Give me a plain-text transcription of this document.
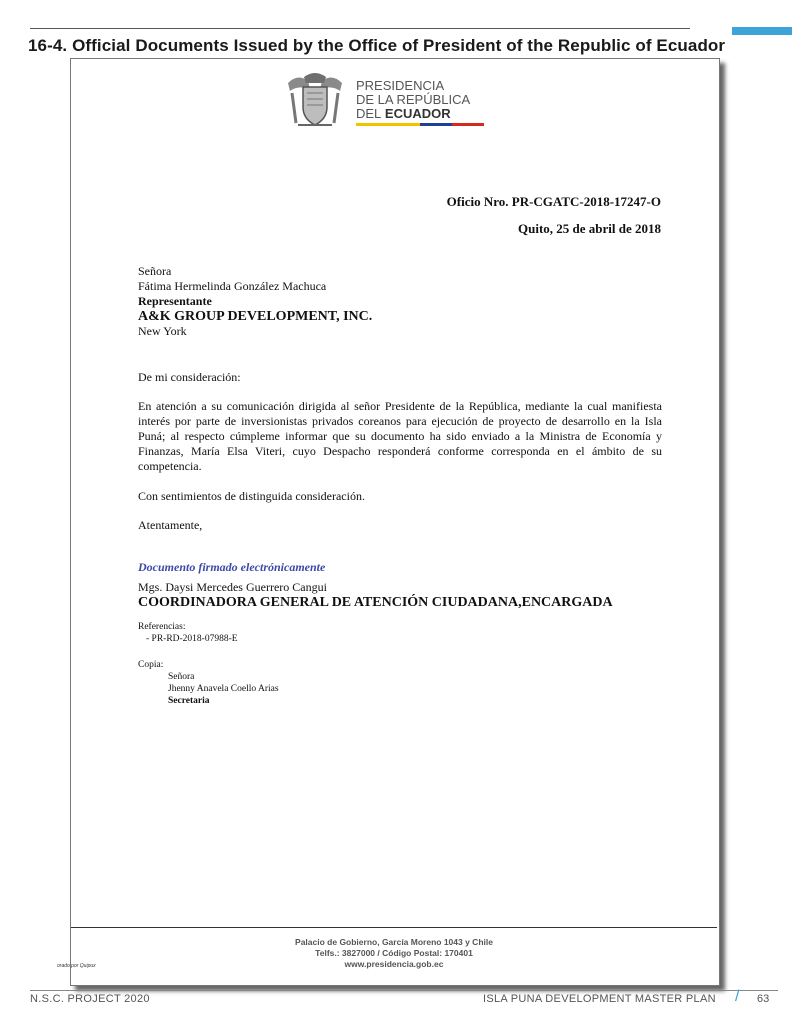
16-4. Official Documents Issued by the Office of President of the Republic of Ecuador
PRESIDENCIA
DE LA REPÚBLICA
DEL ECUADOR
Oficio Nro. PR-CGATC-2018-17247-O
Quito, 25 de abril de 2018
Señora
Fátima Hermelinda González Machuca
Representante
A&K GROUP DEVELOPMENT, INC.
New York
De mi consideración:
En atención a su comunicación dirigida al señor Presidente de la República, mediante la cual manifiesta interés por parte de inversionistas privados coreanos para ejecución de proyecto de desarrollo en la Isla Puná; al respecto cúmpleme informar que su documento ha sido enviado a la Ministra de Economía y Finanzas, María Elsa Viteri, cuyo Despacho responderá conforme corresponda en el ámbito de su competencia.
Con sentimientos de distinguida consideración.
Atentamente,
Documento firmado electrónicamente
Mgs. Daysi Mercedes Guerrero Cangui
COORDINADORA GENERAL DE ATENCIÓN CIUDADANA,ENCARGADA
Referencias:
- PR-RD-2018-07988-E
Copia:
Señora
Jhenny Anavela Coello Arias
Secretaria
Palacio de Gobierno, García Moreno 1043 y Chile
Telfs.: 3827000 / Código Postal: 170401
www.presidencia.gob.ec
orado por Quipux
N.S.C. PROJECT 2020	ISLA PUNA DEVELOPMENT MASTER PLAN / 63
